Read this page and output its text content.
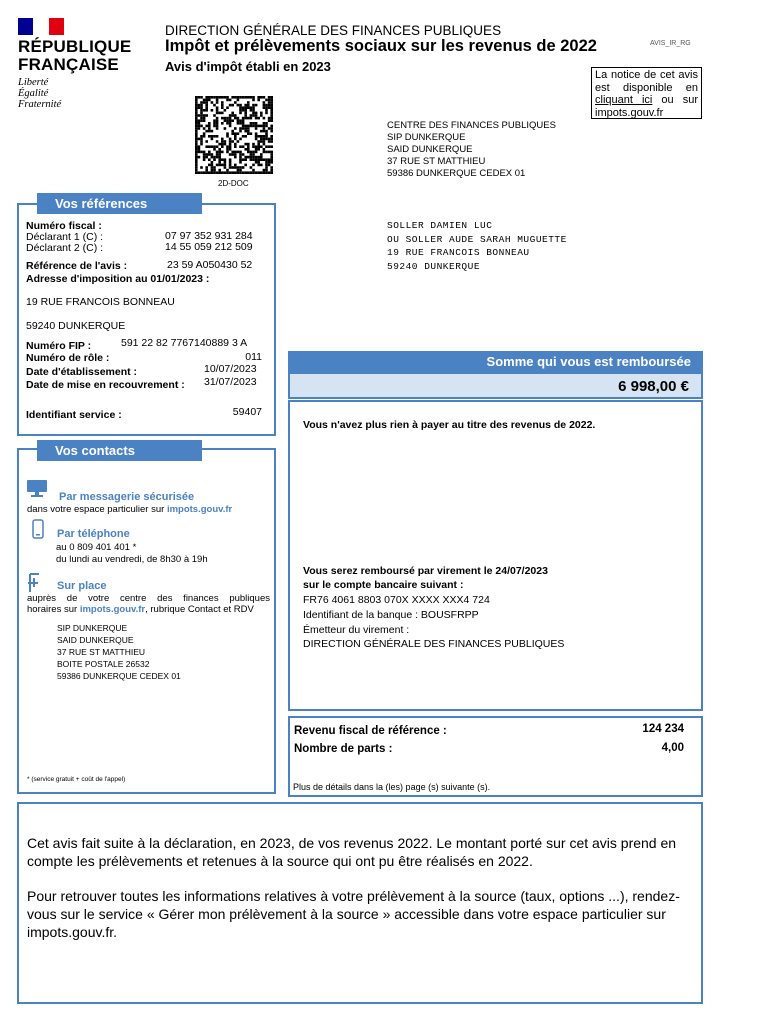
RÉPUBLIQUE
FRANÇAISE
Liberté
Égalité
Fraternité
DIRECTION GÉNÉRALE DES FINANCES PUBLIQUES
Impôt et prélèvements sociaux sur les revenus de 2022
Avis d'impôt établi en 2023
AVIS_IR_RG
La notice de cet avis est disponible en cliquant ici ou sur impots.gouv.fr
2D-DOC
CENTRE DES FINANCES PUBLIQUES
SIP DUNKERQUE
SAID DUNKERQUE
37 RUE ST MATTHIEU
59386 DUNKERQUE CEDEX 01
SOLLER DAMIEN LUC
OU SOLLER AUDE SARAH MUGUETTE
19 RUE FRANCOIS BONNEAU
59240 DUNKERQUE
Vos références
Numéro fiscal :
Déclarant 1 (C) :	07 97 352 931 284
Déclarant 2 (C) :	14 55 059 212 509
Référence de l'avis :	23 59 A050430 52
Adresse d'imposition au 01/01/2023 :
19 RUE FRANCOIS BONNEAU
59240 DUNKERQUE
Numéro FIP :	591 22 82 7767140889 3 A
Numéro de rôle :	011
Date d'établissement :	10/07/2023
Date de mise en recouvrement : 31/07/2023
Identifiant service :	59407
Vos contacts
Par messagerie sécurisée
dans votre espace particulier sur impots.gouv.fr
Par téléphone
au 0 809 401 401 *
du lundi au vendredi, de 8h30 à 19h
Sur place
auprès de votre centre des finances publiques
horaires sur impots.gouv.fr, rubrique Contact et RDV
SIP DUNKERQUE
SAID DUNKERQUE
37 RUE ST MATTHIEU
BOITE POSTALE 26532
59386 DUNKERQUE CEDEX 01
* (service gratuit + coût de l'appel)
Somme qui vous est remboursée
6 998,00 €
Vous n'avez plus rien à payer au titre des revenus de 2022.
Vous serez remboursé par virement le 24/07/2023
sur le compte bancaire suivant :
FR76 4061 8803 070X XXXX XXX4 724
Identifiant de la banque : BOUSFRPP
Émetteur du virement :
DIRECTION GÉNÉRALE DES FINANCES PUBLIQUES
Revenu fiscal de référence :	124 234
Nombre de parts :	4,00
Plus de détails dans la (les) page (s) suivante (s).

Cet avis fait suite à la déclaration, en 2023, de vos revenus 2022. Le montant porté sur cet avis prend en compte les prélèvements et retenues à la source qui ont pu être réalisés en 2022.

Pour retrouver toutes les informations relatives à votre prélèvement à la source (taux, options ...), rendez-vous sur le service « Gérer mon prélèvement à la source » accessible dans votre espace particulier sur impots.gouv.fr.
